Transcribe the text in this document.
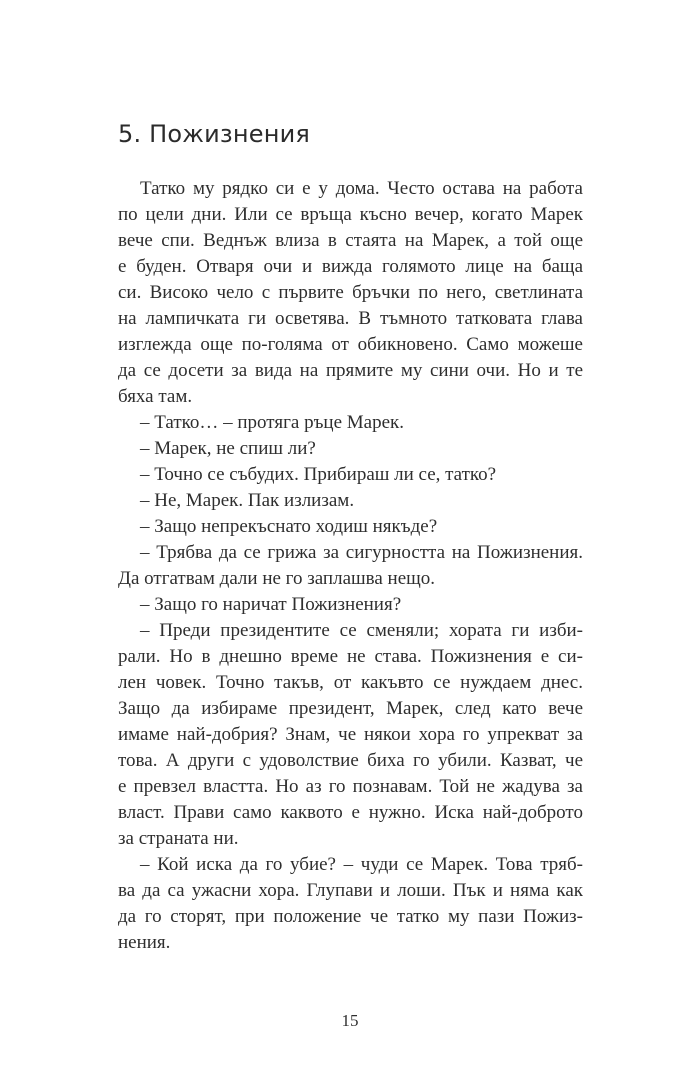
5. Пожизнения
Татко му рядко си е у дома. Често остава на работа
по цели дни. Или се връща късно вечер, когато Марек
вече спи. Веднъж влиза в стаята на Марек, а той още
е буден. Отваря очи и вижда голямото лице на баща
си. Високо чело с първите бръчки по него, светлината
на лампичката ги осветява. В тъмното татковата глава
изглежда още по-голяма от обикновено. Само можеше
да се досети за вида на прямите му сини очи. Но и те
бяха там.
– Татко… – протяга ръце Марек.
– Марек, не спиш ли?
– Точно се събудих. Прибираш ли се, татко?
– Не, Марек. Пак излизам.
– Защо непрекъснато ходиш някъде?
– Трябва да се грижа за сигурността на Пожизнения.
Да отгатвам дали не го заплашва нещо.
– Защо го наричат Пожизнения?
– Преди президентите се сменяли; хората ги изби-
рали. Но в днешно време не става. Пожизнения е си-
лен човек. Точно такъв, от какъвто се нуждаем днес.
Защо да избираме президент, Марек, след като вече
имаме най-добрия? Знам, че някои хора го упрекват за
това. А други с удоволствие биха го убили. Казват, че
е превзел властта. Но аз го познавам. Той не жадува за
власт. Прави само каквото е нужно. Иска най-доброто
за страната ни.
– Кой иска да го убие? – чуди се Марек. Това тряб-
ва да са ужасни хора. Глупави и лоши. Пък и няма как
да го сторят, при положение че татко му пази Пожиз-
нения.
15
